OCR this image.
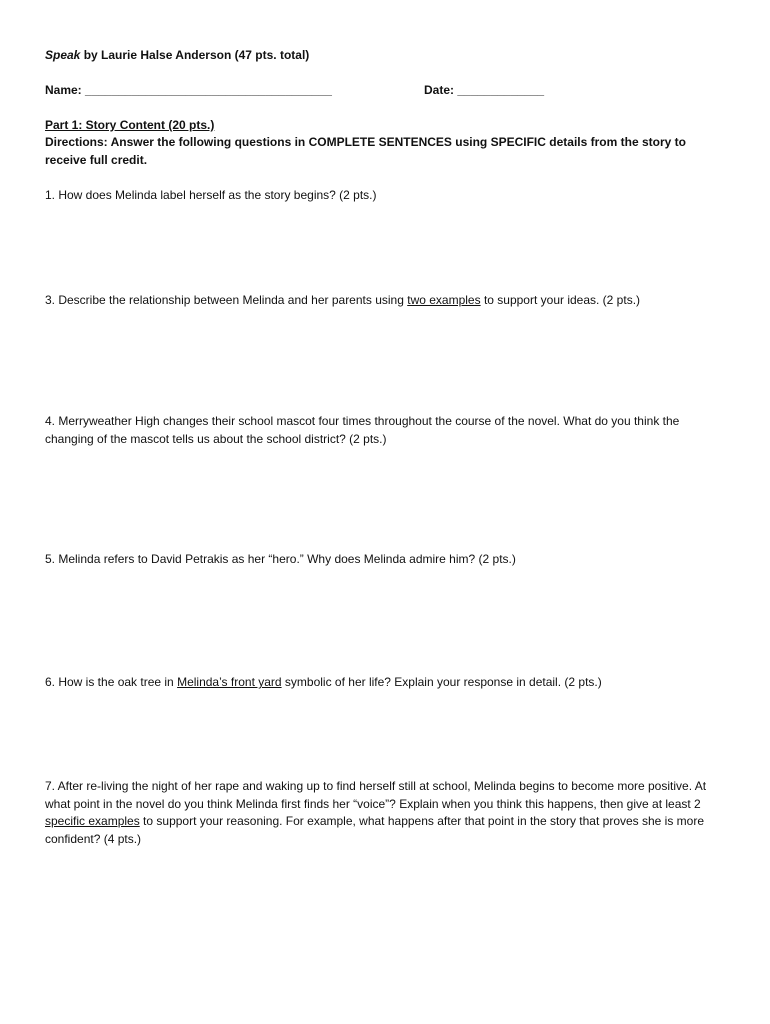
Speak by Laurie Halse Anderson (47 pts. total)
Name: _____________________________________	Date: _____________
Part 1: Story Content (20 pts.)
Directions: Answer the following questions in COMPLETE SENTENCES using SPECIFIC details from the story to receive full credit.
1. How does Melinda label herself as the story begins? (2 pts.)
3. Describe the relationship between Melinda and her parents using two examples to support your ideas. (2 pts.)
4. Merryweather High changes their school mascot four times throughout the course of the novel. What do you think the changing of the mascot tells us about the school district? (2 pts.)
5. Melinda refers to David Petrakis as her “hero.” Why does Melinda admire him? (2 pts.)
6. How is the oak tree in Melinda’s front yard symbolic of her life? Explain your response in detail. (2 pts.)
7. After re-living the night of her rape and waking up to find herself still at school, Melinda begins to become more positive. At what point in the novel do you think Melinda first finds her “voice”? Explain when you think this happens, then give at least 2 specific examples to support your reasoning. For example, what happens after that point in the story that proves she is more confident? (4 pts.)
